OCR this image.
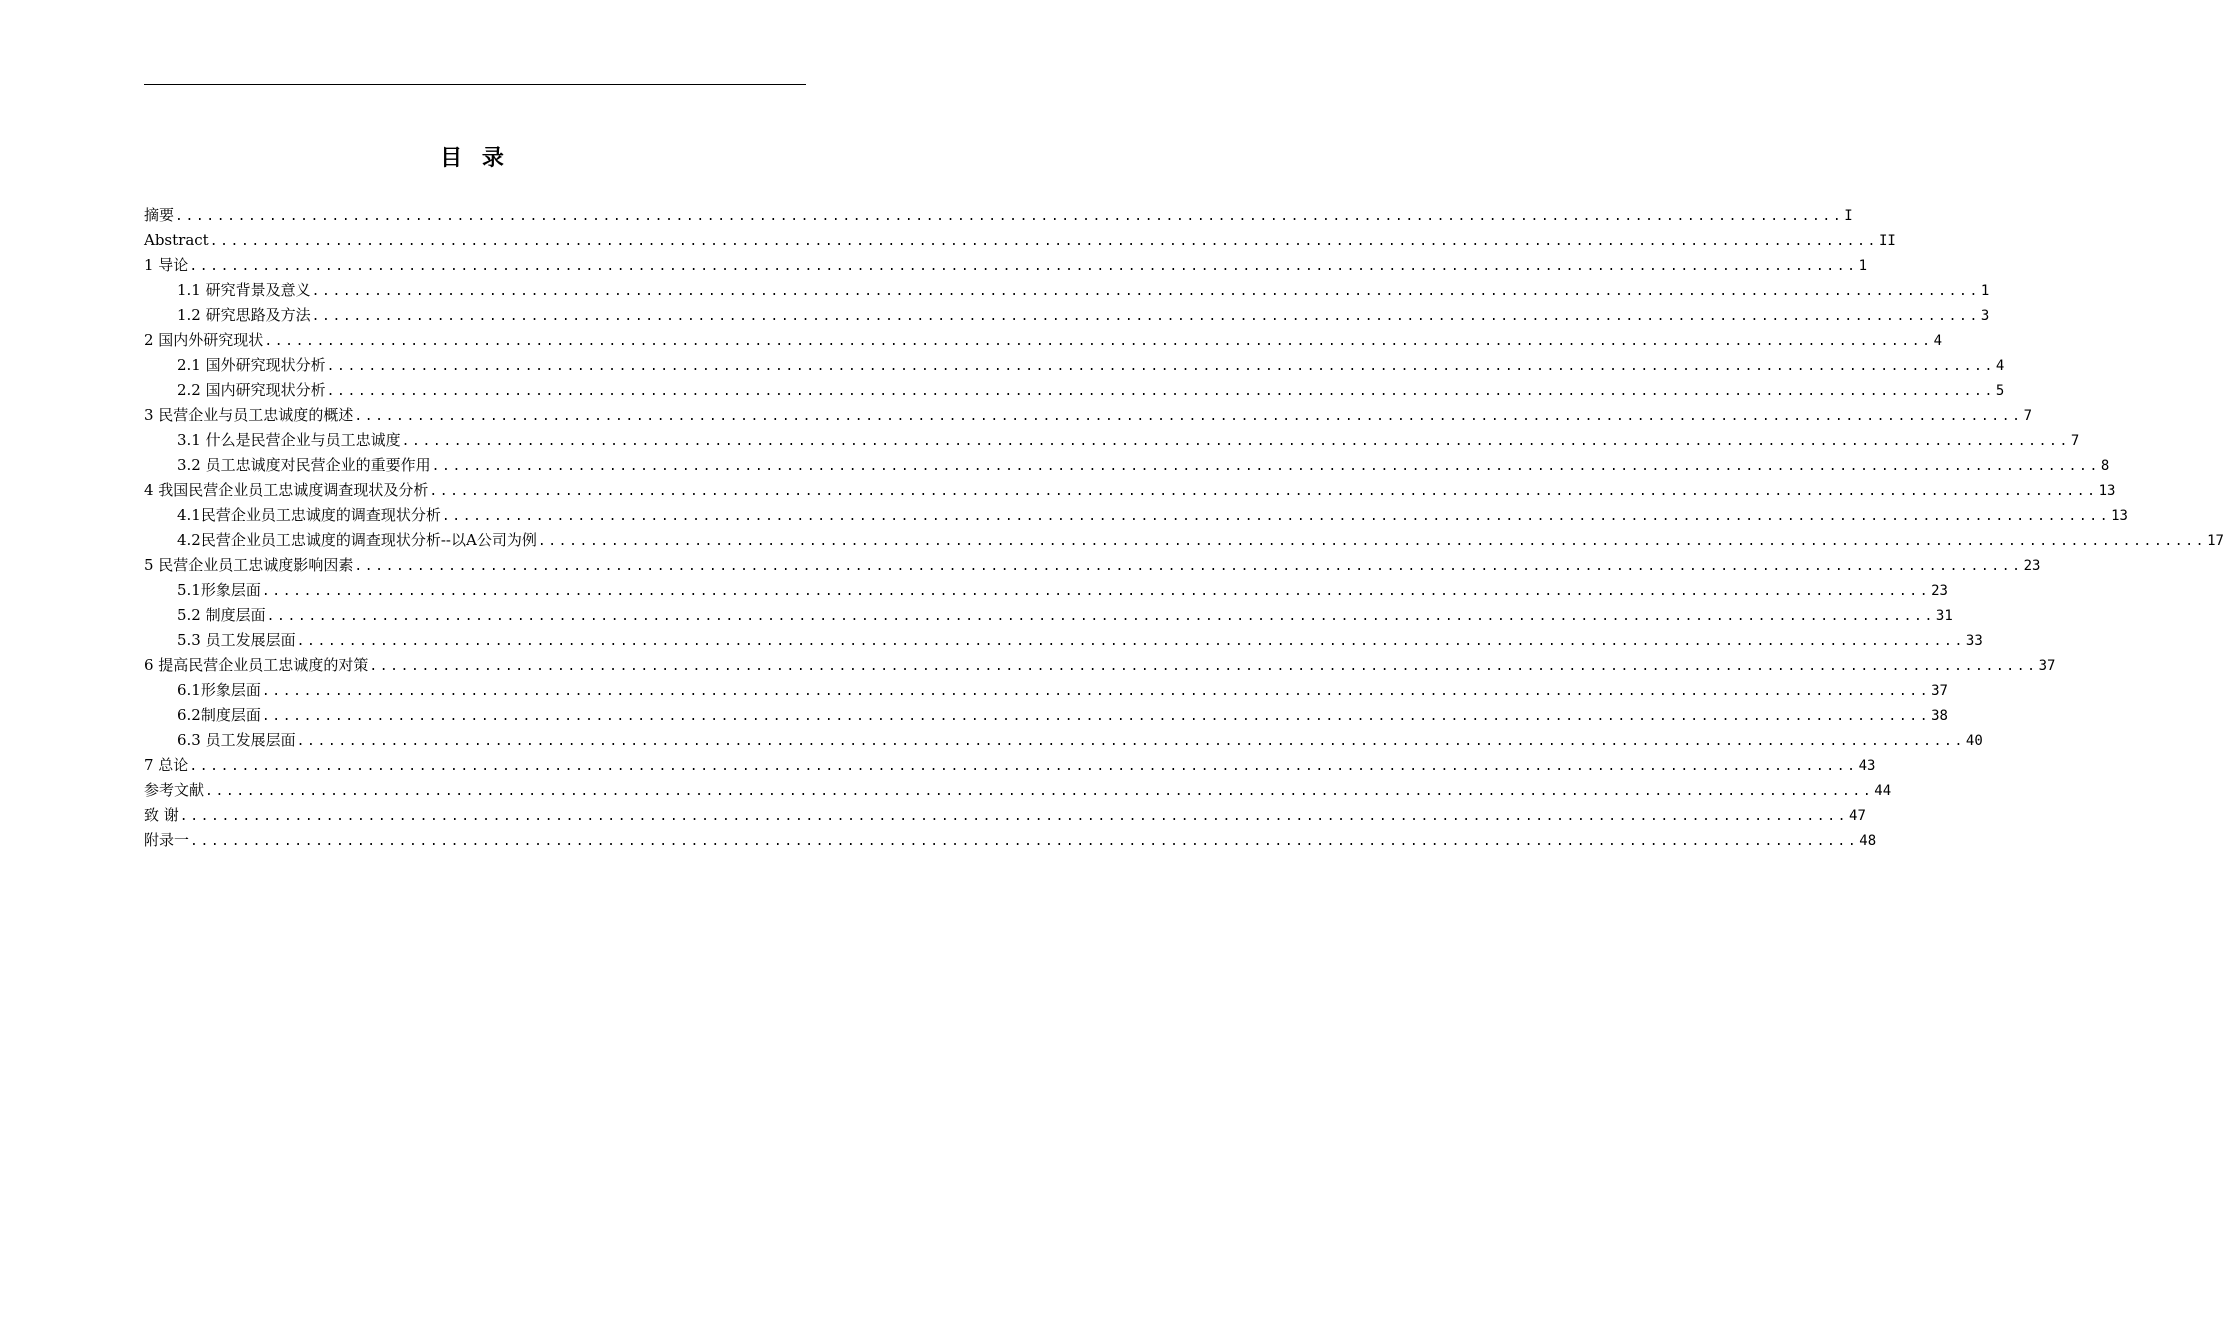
目 录
摘要 ................................................................................................................................................................ I
Abstract ................................................................................................................................................................ II
1 导论 ................................................................................................................................................................ 1
1.1 研究背景及意义 ................................................................................................................................................................ 1
1.2 研究思路及方法 ................................................................................................................................................................ 3
2 国内外研究现状 ................................................................................................................................................................ 4
2.1 国外研究现状分析 ................................................................................................................................................................ 4
2.2 国内研究现状分析 ................................................................................................................................................................ 5
3 民营企业与员工忠诚度的概述 ................................................................................................................................................................ 7
3.1 什么是民营企业与员工忠诚度 ................................................................................................................................................................ 7
3.2 员工忠诚度对民营企业的重要作用 ................................................................................................................................................................ 8
4 我国民营企业员工忠诚度调查现状及分析 ................................................................................................................................................................ 13
4.1民营企业员工忠诚度的调查现状分析 ................................................................................................................................................................ 13
4.2民营企业员工忠诚度的调查现状分析--以A公司为例 ................................................................................................................................................................ 17
5 民营企业员工忠诚度影响因素 ................................................................................................................................................................ 23
5.1形象层面 ................................................................................................................................................................ 23
5.2 制度层面 ................................................................................................................................................................ 31
5.3 员工发展层面 ................................................................................................................................................................ 33
6 提高民营企业员工忠诚度的对策 ................................................................................................................................................................ 37
6.1形象层面 ................................................................................................................................................................ 37
6.2制度层面 ................................................................................................................................................................ 38
6.3 员工发展层面 ................................................................................................................................................................ 40
7 总论 ................................................................................................................................................................ 43
参考文献 ................................................................................................................................................................ 44
致 谢 ................................................................................................................................................................ 47
附录一 ................................................................................................................................................................ 48
